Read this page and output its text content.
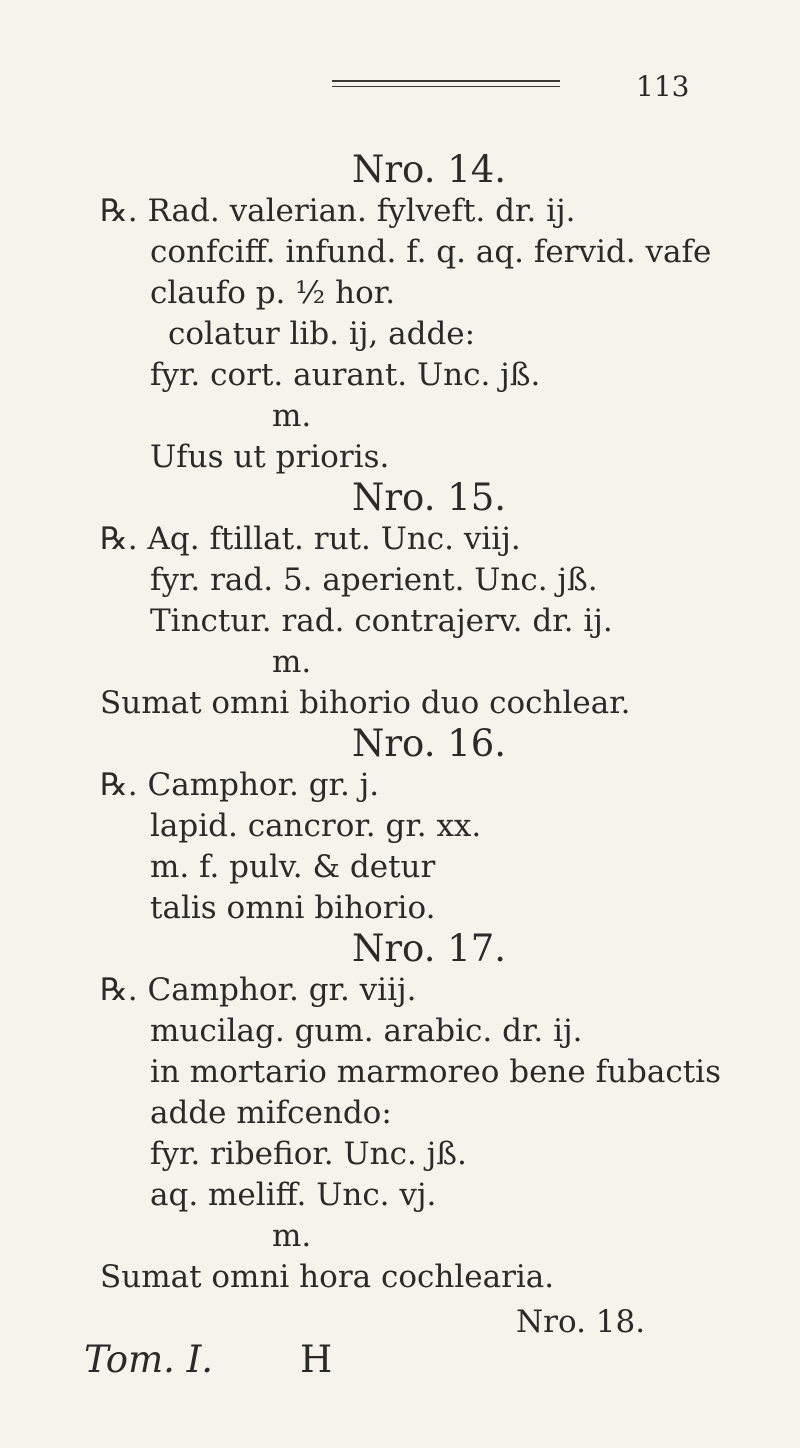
113
Nro. 14.
℞. Rad. valerian. fylveft. dr. ij.
confciff. infund. f. q. aq. fervid. vafe
claufo p. ½ hor.
colatur lib. ij, adde:
fyr. cort. aurant. Unc. jß.
m.
Ufus ut prioris.
Nro. 15.
℞. Aq. ftillat. rut. Unc. viij.
fyr. rad. 5. aperient. Unc. jß.
Tinctur. rad. contrajerv. dr. ij.
m.
Sumat omni bihorio duo cochlear.
Nro. 16.
℞. Camphor. gr. j.
lapid. cancror. gr. xx.
m. f. pulv. & detur
talis omni bihorio.
Nro. 17.
℞. Camphor. gr. viij.
mucilag. gum. arabic. dr. ij.
in mortario marmoreo bene fubactis
adde mifcendo:
fyr. ribefior. Unc. jß.
aq. meliff. Unc. vj.
m.
Sumat omni hora cochlearia.
Nro. 18.
Tom. I. H
